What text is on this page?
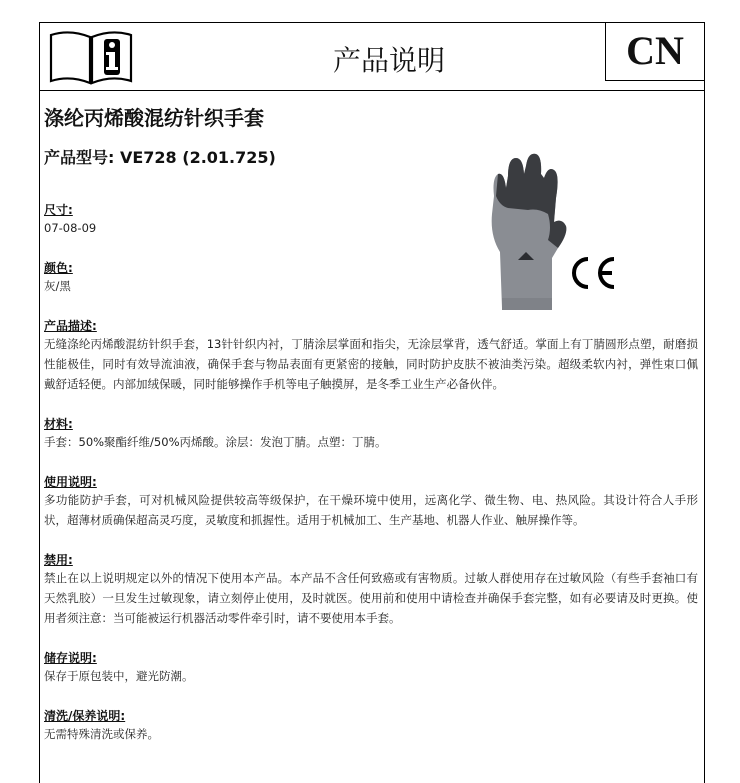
产品说明	CN
涤纶丙烯酸混纺针织手套
产品型号: VE728 (2.01.725)
尺寸:
07-08-09
颜色:
灰/黑
产品描述:
无缝涤纶丙烯酸混纺针织手套，13针针织内衬，丁腈涂层掌面和指尖，无涂层掌背，透气舒适。掌面上有丁腈圆形点塑，耐磨损性能极佳，同时有效导流油液，确保手套与物品表面有更紧密的接触，同时防护皮肤不被油类污染。超级柔软内衬，弹性束口佩戴舒适轻便。内部加绒保暖，同时能够操作手机等电子触摸屏，是冬季工业生产必备伙伴。
材料:
手套：50%聚酯纤维/50%丙烯酸。涂层：发泡丁腈。点塑：丁腈。
使用说明:
多功能防护手套，可对机械风险提供较高等级保护，在干燥环境中使用，远离化学、微生物、电、热风险。其设计符合人手形状，超薄材质确保超高灵巧度，灵敏度和抓握性。适用于机械加工、生产基地、机器人作业、触屏操作等。
禁用:
禁止在以上说明规定以外的情况下使用本产品。本产品不含任何致癌或有害物质。过敏人群使用存在过敏风险（有些手套袖口有天然乳胶）一旦发生过敏现象，请立刻停止使用，及时就医。使用前和使用中请检查并确保手套完整，如有必要请及时更换。使用者须注意：当可能被运行机器活动零件牵引时，请不要使用本手套。
储存说明:
保存于原包装中，避光防潮。
清洗/保养说明:
无需特殊清洗或保养。
